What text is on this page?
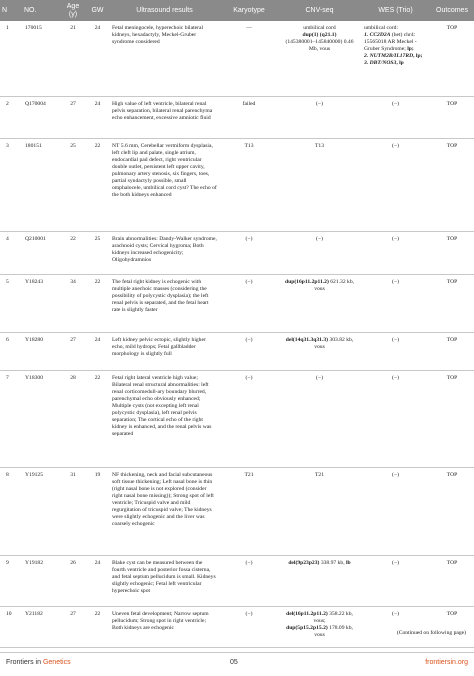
N	NO.	Age (y)	GW	Ultrasound results	Karyotype	CNV-seq	WES (Trio)	Outcomes
1	170015	21	24	Fetal meningocele, hyperechoic bilateral kidneys, hexadactyly, Meckel-Gruber syndrome considered	—	umbilical cord
dup(1) (q21.1)
(145380001–145840000) 0.46 Mb, vous	umbilical cord:
1. CC2D2A (het) chr4: 15565018 AR Meckel -Gruber Syndrome; lp;
2. NUTM2B/IL17RD, lp;
3. DBT/NOS3, lp	TOP
2	Q170004	27	24	High value of left ventricle, bilateral renal pelvis separation, bilateral renal parenchyma echo enhancement, excessive amniotic fluid	failed	(−)	(−)	TOP
3	180151	25	22	NT 5.6 mm, Cerebellar vermiform dysplasia, left cleft lip and palate, single atrium, endocardial pad defect, right ventricular double outlet, persistent left upper cavity, pulmonary artery stenosis, six fingers, toes, partial syndactyly possible, small omphalocele, umbilical cord cyst? The echo of the both kidneys enhanced	T13	T13	(−)	TOP
4	Q210001	22	25	Brain abnormalities: Dandy-Walker syndrome, arachnoid cysts; Cervical hygroma; Both kidneys increased echogenicity; Oligohydramnios	(−)	(−)	(−)	TOP
5	Y18243	34	22	The fetal right kidney is echogenic with multiple anechoic masses (considering the possibility of polycystic dysplasia); the left renal pelvis is separated, and the fetal heart rate is slightly faster	(−)	dup(16p11.2p11.2) 621.32 kb, vous	(−)	TOP
6	Y18280	27	24	Left kidney pelvic ectopic, slightly higher echo, mild hydrops; Fetal gallbladder morphology is slightly full	(−)	del(14q31.3q31.3) 303.82 kb, vous	(−)	TOP
7	Y18300	28	22	Fetal right lateral ventricle high value; Bilateral renal structural abnormalities: left renal corticomedull-ary boundary blurred, parenchymal echo obviously enhanced; Multiple cysts (not excepting left renal polycystic dysplasia), left renal pelvis separation; The cortical echo of the right kidney is enhanced, and the renal pelvis was separated	(−)	(−)	(−)	TOP
8	Y19125	31	19	NF thickening, neck and facial subcutaneous soft tissue thickening; Left nasal bone is thin (right nasal bone is not explored (consider right nasal bone missing)); Strong spot of left ventricle; Tricuspid valve and mild regurgitation of tricuspid valve; The kidneys were slightly echogenic and the liver was coarsely echogenic	T21	T21	(−)	TOP
9	Y19182	26	24	Blake cyst can be measured between the fourth ventricle and posterior fossa cisterna, and fetal septum pellucidum is small. Kidneys slightly echogenic; Fetal left ventricular hyperechoic spot	(−)	del(9p23p23) 338.97 kb, lb	(−)	TOP
10	Y21182	27	22	Uneven fetal development; Narrow septum pellucidum; Strong spot in right ventricle; Both kidneys are echogenic	(−)	del(16p11.2p11.2) 358.22 kb, vous;
dup(5p15.2p15.2) 178.09 kb, vous	(−)	TOP
(Continued on following page)
Frontiers in Genetics	05	frontiersin.org
